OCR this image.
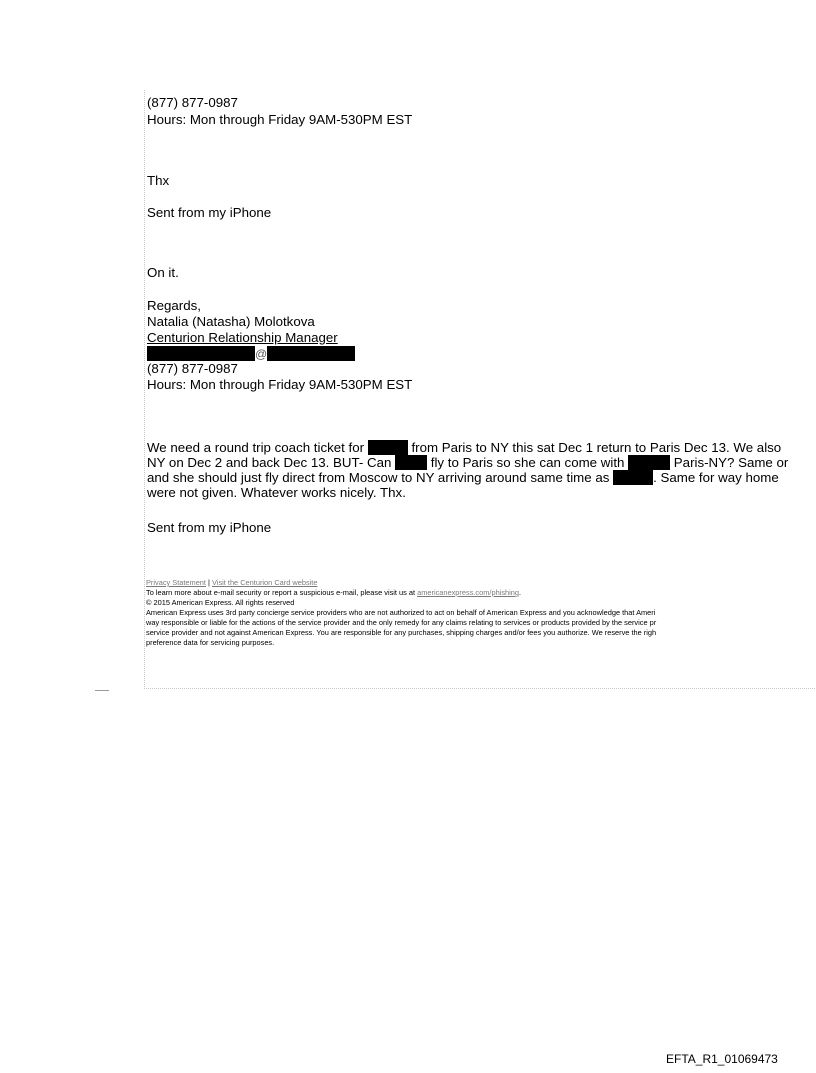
(877) 877-0987
Hours: Mon through Friday 9AM-530PM EST
Thx
Sent from my iPhone
On it.
Regards,
Natalia (Natasha) Molotkova
Centurion Relationship Manager
@
(877) 877-0987
Hours: Mon through Friday 9AM-530PM EST
We need a round trip coach ticket for	from Paris to NY this sat Dec 1 return to Paris Dec 13. We also
NY on Dec 2 and back Dec 13. BUT- Can  fly to Paris so she can come with	Paris-NY? Same or
and she should just fly direct from Moscow to NY arriving around same time as	. Same for way home
were not given. Whatever works nicely. Thx.
Sent from my iPhone
Privacy Statement | Visit the Centurion Card website
To learn more about e-mail security or report a suspicious e-mail, please visit us at americanexpress.com/phishing.
© 2015 American Express. All rights reserved
American Express uses 3rd party concierge service providers who are not authorized to act on behalf of American Express and you acknowledge that Ameri
way responsible or liable for the actions of the service provider and the only remedy for any claims relating to services or products provided by the service pr
service provider and not against American Express. You are responsible for any purchases, shipping charges and/or fees you authorize. We reserve the righ
preference data for servicing purposes.
EFTA_R1_01069473
